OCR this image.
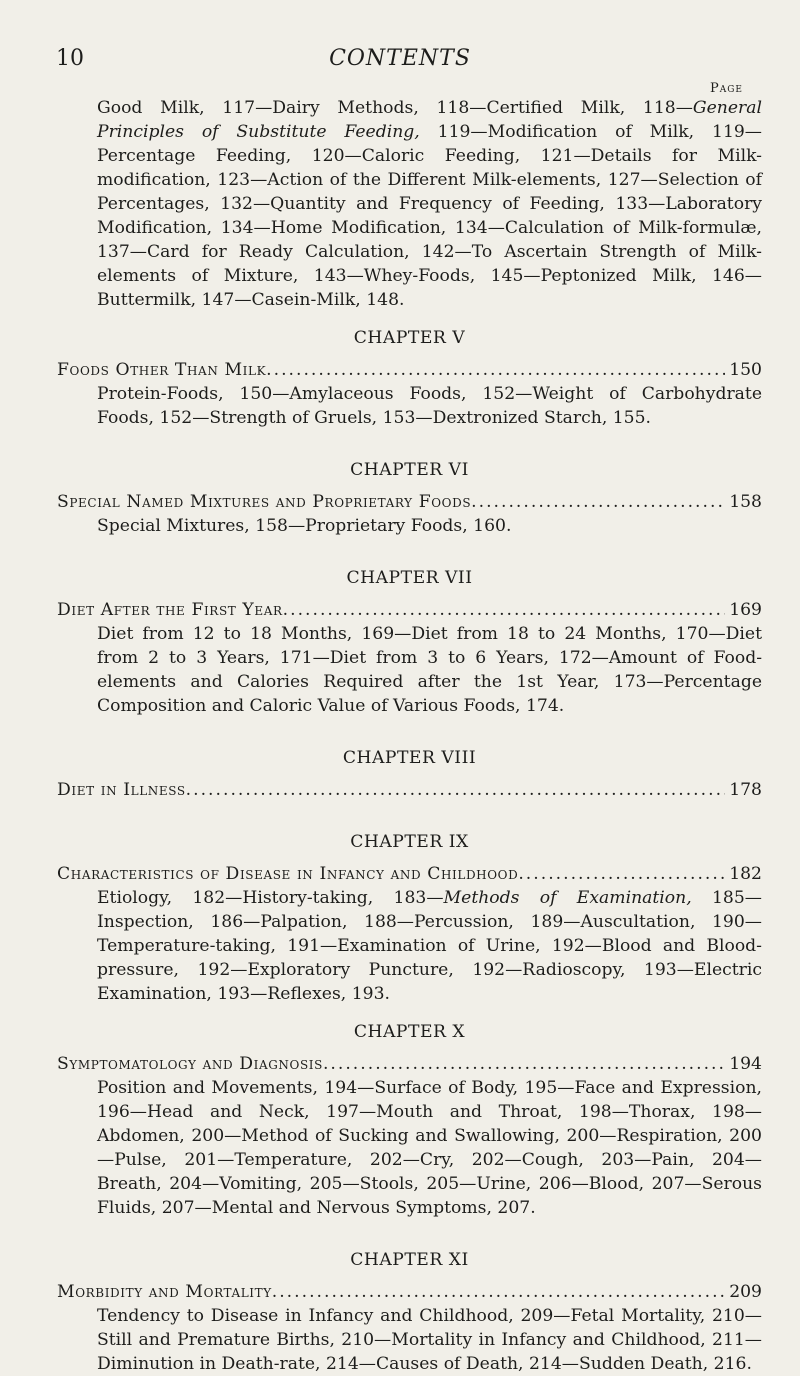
10	CONTENTS
Page

Good Milk, 117—Dairy Methods, 118—Certified Milk, 118—General Principles of Substitute Feeding, 119—Modification of Milk, 119—Percentage Feeding, 120—Caloric Feeding, 121—Details for Milk-modification, 123—Action of the Different Milk-elements, 127—Selection of Percentages, 132—Quantity and Frequency of Feeding, 133—Laboratory Modification, 134—Home Modification, 134—Calculation of Milk-formulæ, 137—Card for Ready Calculation, 142—To Ascertain Strength of Milk-elements of Mixture, 143—Whey-Foods, 145—Peptonized Milk, 146—Buttermilk, 147—Casein-Milk, 148.

CHAPTER V
Foods Other Than Milk .....	150

Protein-Foods, 150—Amylaceous Foods, 152—Weight of Carbohydrate Foods, 152—Strength of Gruels, 153—Dextronized Starch, 155.

CHAPTER VI
Special Named Mixtures and Proprietary Foods .....	158

Special Mixtures, 158—Proprietary Foods, 160.

CHAPTER VII
Diet After the First Year .....	169

Diet from 12 to 18 Months, 169—Diet from 18 to 24 Months, 170—Diet from 2 to 3 Years, 171—Diet from 3 to 6 Years, 172—Amount of Food-elements and Calories Required after the 1st Year, 173—Percentage Composition and Caloric Value of Various Foods, 174.

CHAPTER VIII
Diet in Illness .....	178
CHAPTER IX
Characteristics of Disease in Infancy and Childhood .....	182

Etiology, 182—History-taking, 183—Methods of Examination, 185—Inspection, 186—Palpation, 188—Percussion, 189—Auscultation, 190—Temperature-taking, 191—Examination of Urine, 192—Blood and Blood-pressure, 192—Exploratory Puncture, 192—Radioscopy, 193—Electric Examination, 193—Reflexes, 193.

CHAPTER X
Symptomatology and Diagnosis .....	194

Position and Movements, 194—Surface of Body, 195—Face and Expression, 196—Head and Neck, 197—Mouth and Throat, 198—Thorax, 198—Abdomen, 200—Method of Sucking and Swallowing, 200—Respiration, 200—Pulse, 201—Temperature, 202—Cry, 202—Cough, 203—Pain, 204—Breath, 204—Vomiting, 205—Stools, 205—Urine, 206—Blood, 207—Serous Fluids, 207—Mental and Nervous Symptoms, 207.

CHAPTER XI
Morbidity and Mortality .....	209

Tendency to Disease in Infancy and Childhood, 209—Fetal Mortality, 210—Still and Premature Births, 210—Mortality in Infancy and Childhood, 211—Diminution in Death-rate, 214—Causes of Death, 214—Sudden Death, 216.
